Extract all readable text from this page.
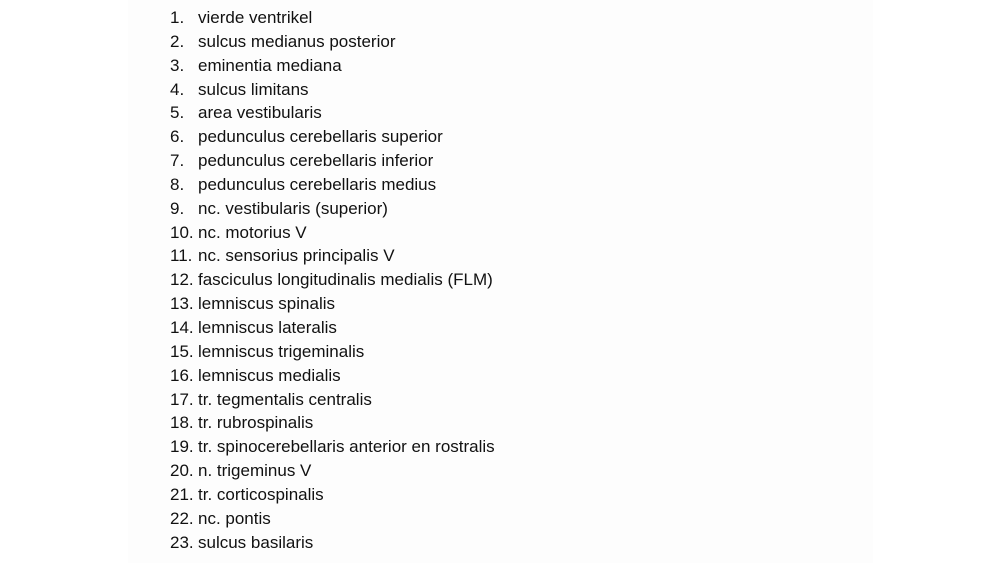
1. vierde ventrikel
2. sulcus medianus posterior
3. eminentia mediana
4. sulcus limitans
5. area vestibularis
6. pedunculus cerebellaris superior
7. pedunculus cerebellaris inferior
8. pedunculus cerebellaris medius
9. nc. vestibularis (superior)
10. nc. motorius V
11. nc. sensorius principalis V
12. fasciculus longitudinalis medialis (FLM)
13. lemniscus spinalis
14. lemniscus lateralis
15. lemniscus trigeminalis
16. lemniscus medialis
17. tr. tegmentalis centralis
18. tr. rubrospinalis
19. tr. spinocerebellaris anterior en rostralis
20. n. trigeminus V
21. tr. corticospinalis
22. nc. pontis
23. sulcus basilaris
